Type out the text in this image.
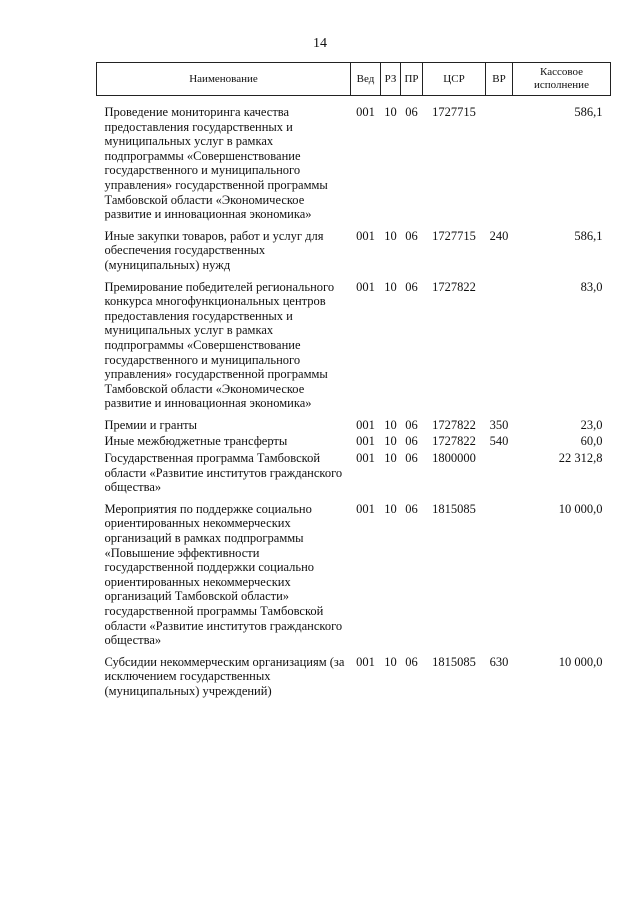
14
Наименование	Вед	РЗ	ПР	ЦСР	ВР	Кассовое исполнение
Проведение мониторинга качества предоставления государственных и муниципальных услуг в рамках подпрограммы «Совершенствование государственного и муниципального управления» государственной программы Тамбовской области «Экономическое развитие и инновационная экономика»	001	10	06	1727715		586,1
Иные закупки товаров, работ и услуг для обеспечения государственных (муниципальных) нужд	001	10	06	1727715	240	586,1
Премирование победителей регионального конкурса многофункциональных центров предоставления государственных и муниципальных услуг в рамках подпрограммы «Совершенствование государственного и муниципального управления» государственной программы Тамбовской области «Экономическое развитие и инновационная экономика»	001	10	06	1727822		83,0
Премии и гранты	001	10	06	1727822	350	23,0
Иные межбюджетные трансферты	001	10	06	1727822	540	60,0
Государственная программа Тамбовской области «Развитие институтов гражданского общества»	001	10	06	1800000		22 312,8
Мероприятия по поддержке социально ориентированных некоммерческих организаций в рамках подпрограммы «Повышение эффективности государственной поддержки социально ориентированных некоммерческих организаций Тамбовской области» государственной программы Тамбовской области «Развитие институтов гражданского общества»	001	10	06	1815085		10 000,0
Субсидии некоммерческим организациям (за исключением государственных (муниципальных) учреждений)	001	10	06	1815085	630	10 000,0
